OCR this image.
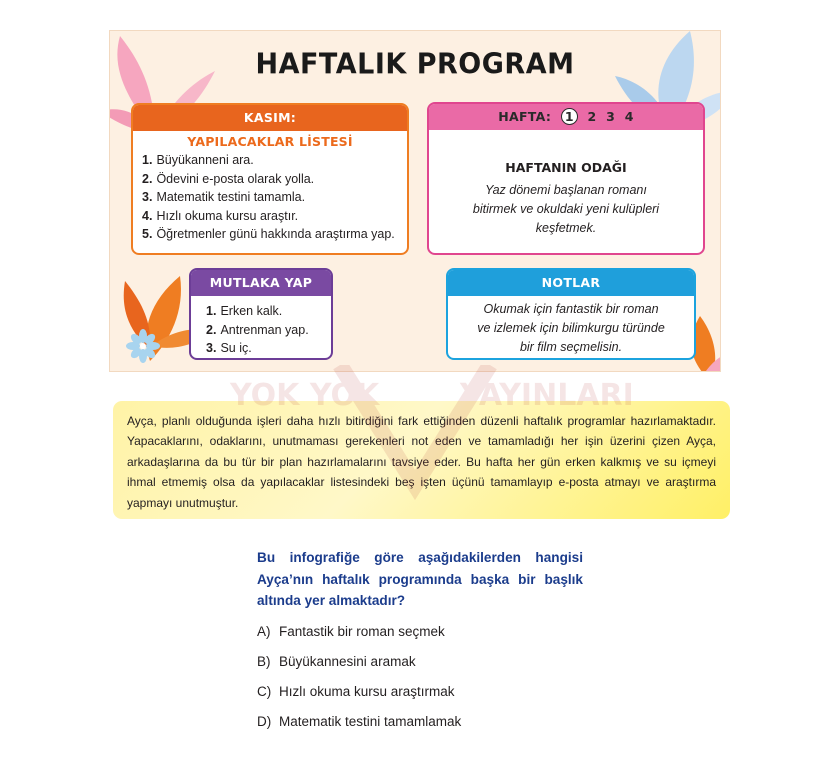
HAFTALIK PROGRAM
KASIM:
YAPILACAKLAR LİSTESİ
1. Büyükanneni ara.
2. Ödevini e-posta olarak yolla.
3. Matematik testini tamamla.
4. Hızlı okuma kursu araştır.
5. Öğretmenler günü hakkında araştırma yap.
HAFTA: 1 2 3 4
HAFTANIN ODAĞI
Yaz dönemi başlanan romanı
bitirmek ve okuldaki yeni kulüpleri
keşfetmek.
MUTLAKA YAP
1. Erken kalk.
2. Antrenman yap.
3. Su iç.
NOTLAR
Okumak için fantastik bir roman
ve izlemek için bilimkurgu türünde
bir film seçmelisin.

Ayça, planlı olduğunda işleri daha hızlı bitirdiğini fark ettiğinden düzenli haftalık programlar hazırlamaktadır. Yapacaklarını, odaklarını, unutmaması gerekenleri not eden ve tamamladığı her işin üzerini çizen Ayça, arkadaşlarına da bu tür bir plan hazırlamalarını tavsiye eder. Bu hafta her gün erken kalkmış ve su içmeyi ihmal etmemiş olsa da yapılacaklar listesindeki beş işten üçünü tamamlayıp e-posta atmayı ve araştırma yapmayı unutmuştur.

YOK YOK	YAYINLARI
Bu infografiğe göre aşağıdakilerden hangisi Ayça’nın haftalık programında başka bir başlık altında yer almaktadır?
A) Fantastik bir roman seçmek
B) Büyükannesini aramak
C) Hızlı okuma kursu araştırmak
D) Matematik testini tamamlamak
